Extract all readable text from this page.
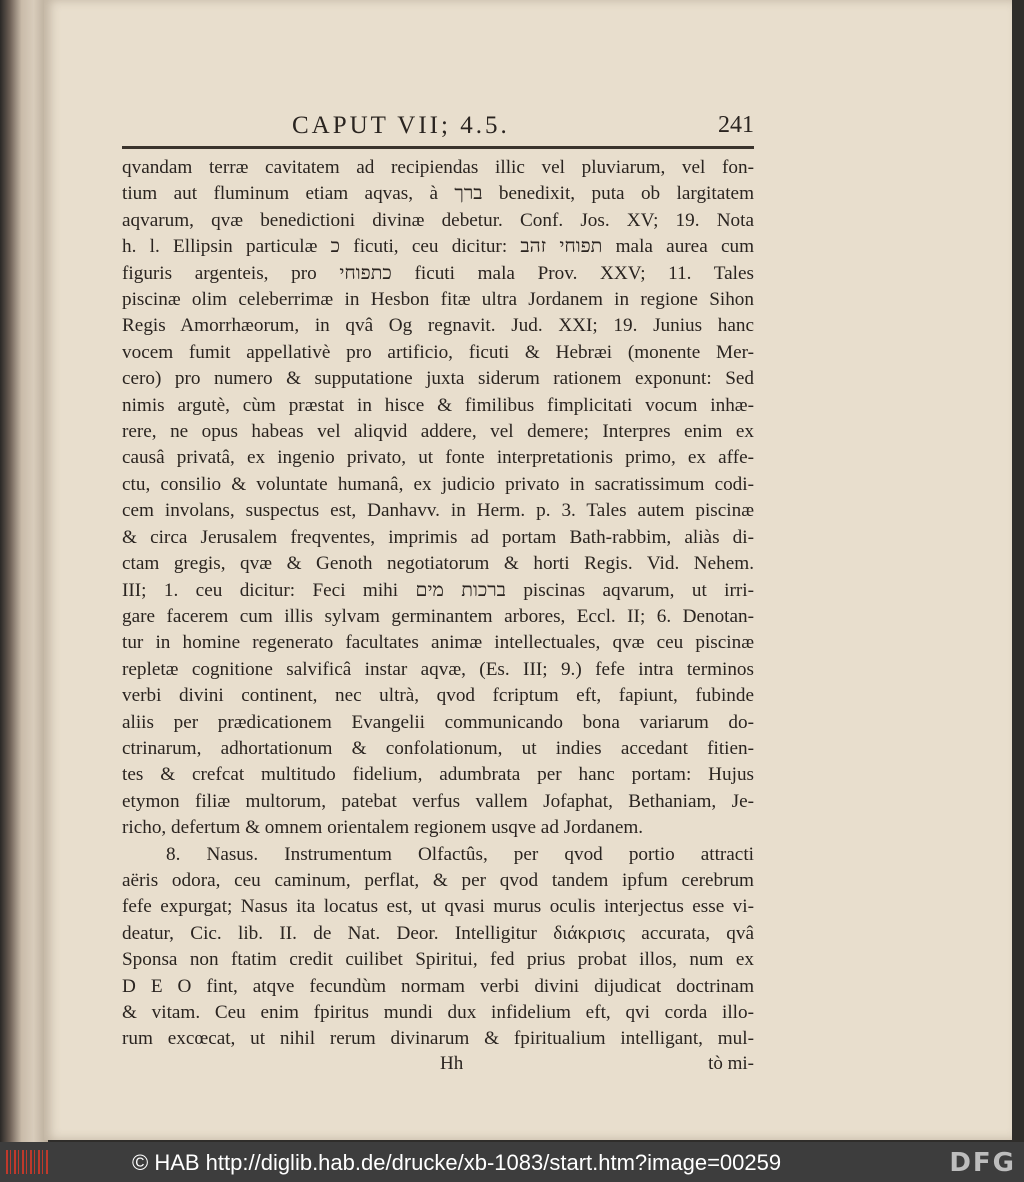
CAPUT VII; 4.5.	241
qvandam terræ cavitatem ad recipiendas illic vel pluviarum, vel fon-
tium aut fluminum etiam aqvas, à ברך benedixit, puta ob largitatem
aqvarum, qvæ benedictioni divinæ debetur. Conf. Jos. XV; 19. Nota
h. l. Ellipsin particulæ כ ficuti, ceu dicitur: תפוחי זהב mala aurea cum
figuris argenteis, pro כתפוחי ficuti mala Prov. XXV; 11. Tales
piscinæ olim celeberrimæ in Hesbon fitæ ultra Jordanem in regione Sihon
Regis Amorrhæorum, in qvâ Og regnavit. Jud. XXI; 19. Junius hanc
vocem fumit appellativè pro artificio, ficuti & Hebræi (monente Mer-
cero) pro numero & supputatione juxta siderum rationem exponunt: Sed
nimis argutè, cùm præstat in hisce & fimilibus fimplicitati vocum inhæ-
rere, ne opus habeas vel aliqvid addere, vel demere; Interpres enim ex
causâ privatâ, ex ingenio privato, ut fonte interpretationis primo, ex affe-
ctu, consilio & voluntate humanâ, ex judicio privato in sacratissimum codi-
cem involans, suspectus est, Danhavv. in Herm. p. 3. Tales autem piscinæ
& circa Jerusalem freqventes, imprimis ad portam Bath-rabbim, aliàs di-
ctam gregis, qvæ & Genoth negotiatorum & horti Regis. Vid. Nehem.
III; 1. ceu dicitur: Feci mihi ברכות מים piscinas aqvarum, ut irri-
gare facerem cum illis sylvam germinantem arbores, Eccl. II; 6. Denotan-
tur in homine regenerato facultates animæ intellectuales, qvæ ceu piscinæ
repletæ cognitione salvificâ instar aqvæ, (Es. III; 9.) fefe intra terminos
verbi divini continent, nec ultrà, qvod fcriptum eft, fapiunt, fubinde
aliis per prædicationem Evangelii communicando bona variarum do-
ctrinarum, adhortationum & confolationum, ut indies accedant fitien-
tes & crefcat multitudo fidelium, adumbrata per hanc portam: Hujus
etymon filiæ multorum, patebat verfus vallem Jofaphat, Bethaniam, Je-
richo, defertum & omnem orientalem regionem usqve ad Jordanem.
8. Nasus. Instrumentum Olfactûs, per qvod portio attracti
aëris odora, ceu caminum, perflat, & per qvod tandem ipfum cerebrum
fefe expurgat; Nasus ita locatus est, ut qvasi murus oculis interjectus esse vi-
deatur, Cic. lib. II. de Nat. Deor. Intelligitur διάκρισις accurata, qvâ
Sponsa non ftatim credit cuilibet Spiritui, fed prius probat illos, num ex
D E O fint, atqve fecundùm normam verbi divini dijudicat doctrinam
& vitam. Ceu enim fpiritus mundi dux infidelium eft, qvi corda illo-
rum excœcat, ut nihil rerum divinarum & fpiritualium intelligant, mul-
Hh	tò mi-
© HAB http://diglib.hab.de/drucke/xb-1083/start.htm?image=00259	DFG
